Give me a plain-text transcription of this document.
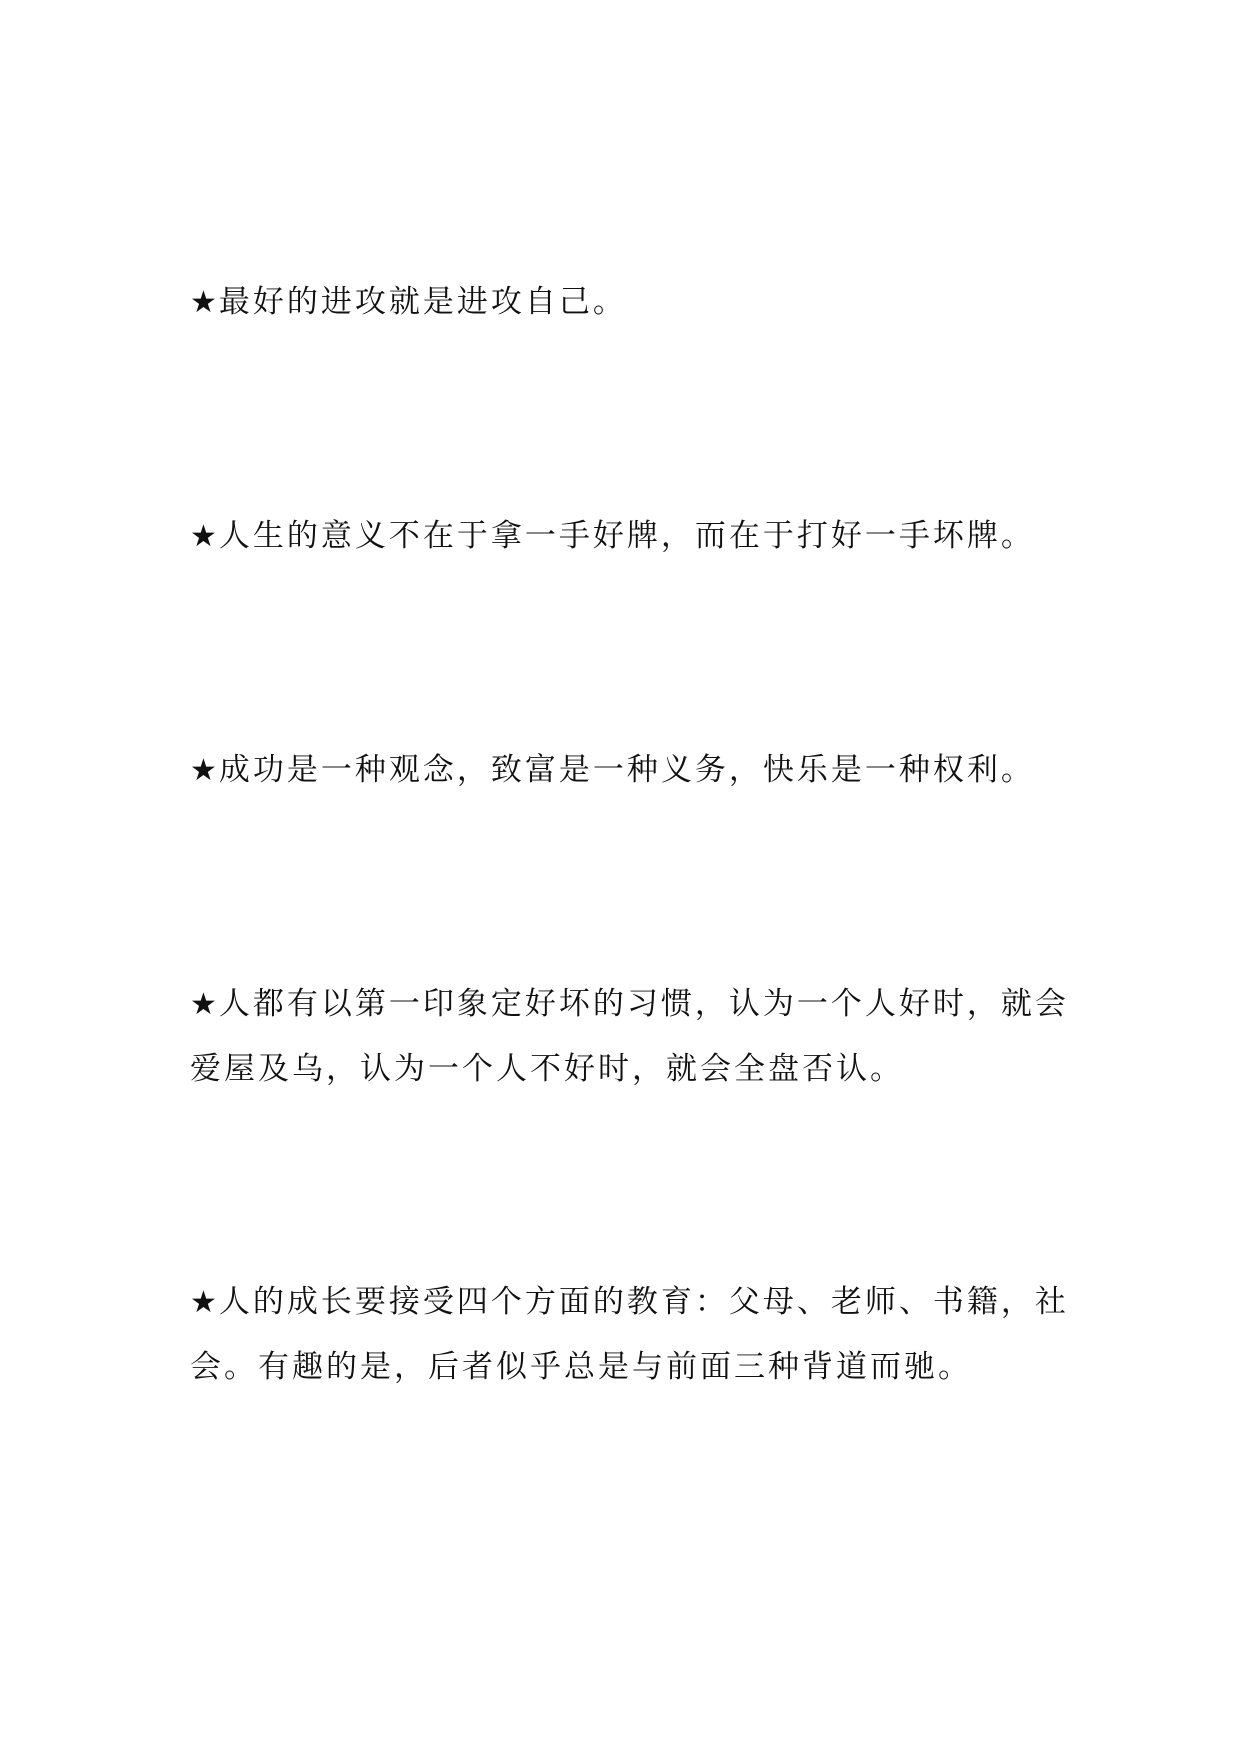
★最好的进攻就是进攻自己。

★人生的意义不在于拿一手好牌，而在于打好一手坏牌。

★成功是一种观念，致富是一种义务，快乐是一种权利。

★人都有以第一印象定好坏的习惯，认为一个人好时，就会爱屋及乌，认为一个人不好时，就会全盘否认。

★人的成长要接受四个方面的教育：父母、老师、书籍，社会。有趣的是，后者似乎总是与前面三种背道而驰。
